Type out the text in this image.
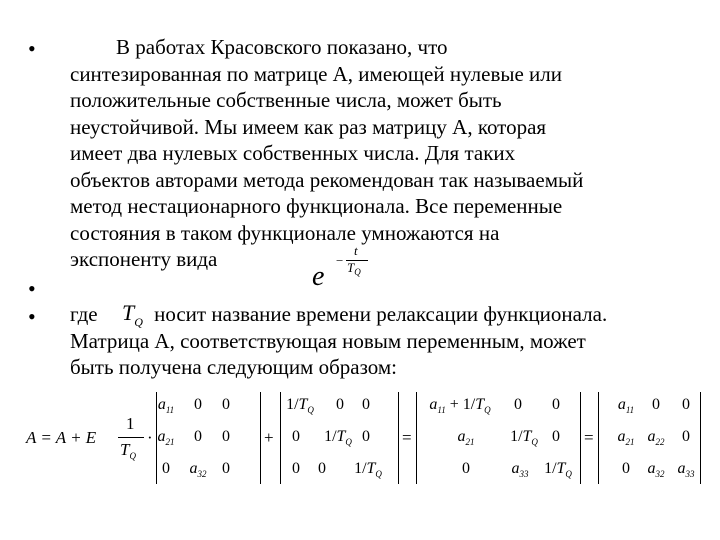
•
•
•
В работах Красовского показано, что
синтезированная по матрице А, имеющей нулевые или
положительные собственные числа, может быть
неустойчивой. Мы имеем как раз матрицу А, которая
имеет два нулевых собственных числа. Для таких
объектов авторами метода рекомендован так называемый
метод нестационарного функционала. Все переменные
состояния в таком функционале умножаются на
экспоненту вида
e
−
t
$T_Q$
где	носит название времени релаксации функционала.
Матрица А, соответствующая новым переменным, может
быть получена следующим образом:
$T_Q$
A = A + E
1
$T_Q$
·	+	=	=
$a_{11}$	0	0
$a_{21}$	0	0
0	$a_{32}$ 0
$1/T_Q$	0	0
0	$1/T_Q$ 0
0	0	$1/T_Q$
$a_{11} + 1/T_Q$	0	0
$a_{21}$	$1/T_Q$ 0
0	$a_{33}$ $1/T_Q$
$a_{11}$	0	0
$a_{21}$ $a_{22}$	0
0	$a_{32}$ $a_{33}$
